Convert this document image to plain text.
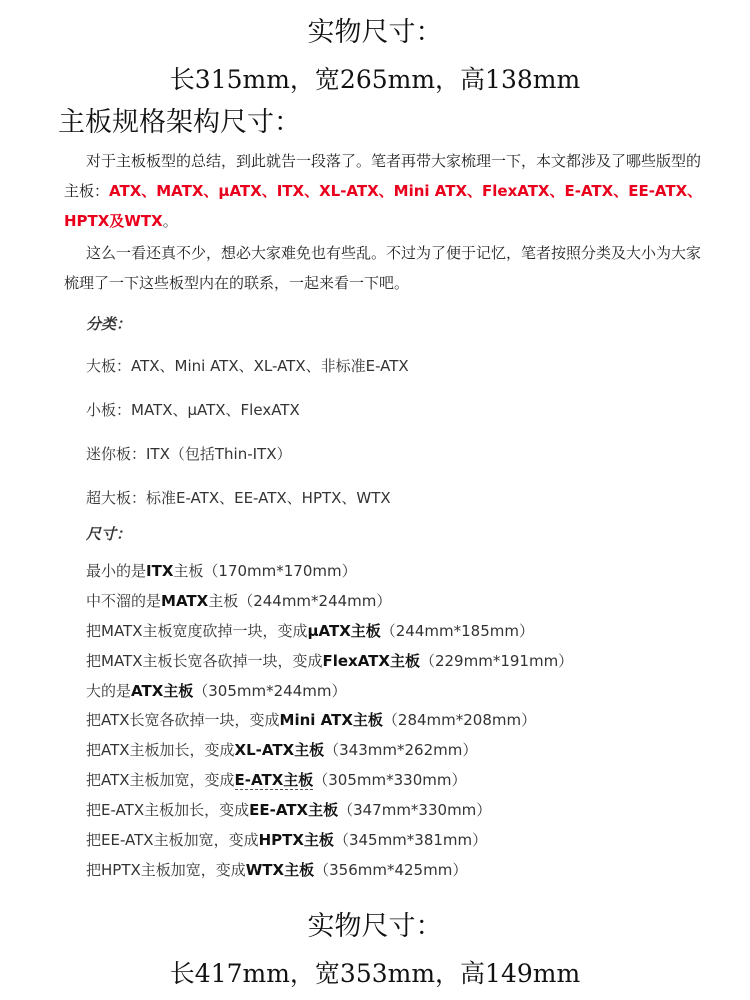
实物尺寸：
长315mm，宽265mm，高138mm
主板规格架构尺寸：

对于主板板型的总结，到此就告一段落了。笔者再带大家梳理一下，本文都涉及了哪些版型的主板：ATX、MATX、μATX、ITX、XL-ATX、Mini ATX、FlexATX、E-ATX、EE-ATX、HPTX及WTX。

这么一看还真不少，想必大家难免也有些乱。不过为了便于记忆，笔者按照分类及大小为大家梳理了一下这些板型内在的联系，一起来看一下吧。

分类：
大板：ATX、Mini ATX、XL-ATX、非标准E-ATX
小板：MATX、μATX、FlexATX
迷你板：ITX（包括Thin-ITX）
超大板：标准E-ATX、EE-ATX、HPTX、WTX
尺寸：
最小的是ITX主板（170mm*170mm）
中不溜的是MATX主板（244mm*244mm）
把MATX主板宽度砍掉一块，变成μATX主板（244mm*185mm）
把MATX主板长宽各砍掉一块，变成FlexATX主板（229mm*191mm）
大的是ATX主板（305mm*244mm）
把ATX长宽各砍掉一块，变成Mini ATX主板（284mm*208mm）
把ATX主板加长，变成XL-ATX主板（343mm*262mm）
把ATX主板加宽，变成E-ATX主板（305mm*330mm）
把E-ATX主板加长，变成EE-ATX主板（347mm*330mm）
把EE-ATX主板加宽，变成HPTX主板（345mm*381mm）
把HPTX主板加宽，变成WTX主板（356mm*425mm）
实物尺寸：
长417mm，宽353mm，高149mm
